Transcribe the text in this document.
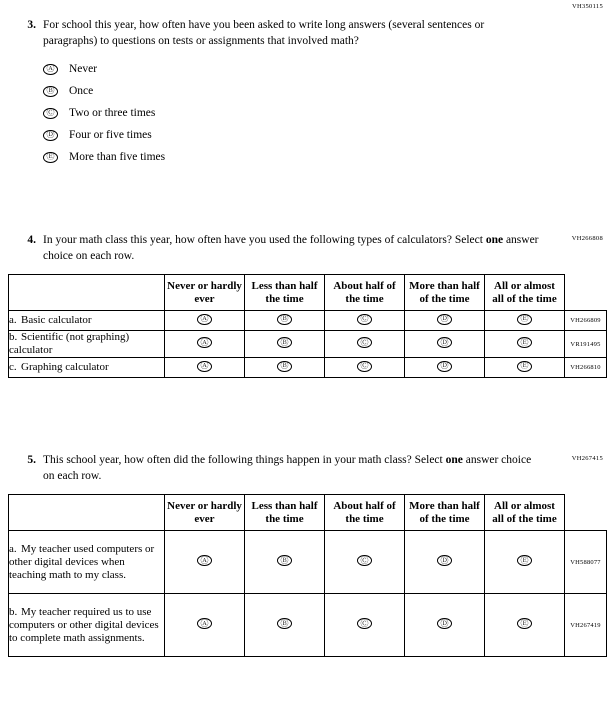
VH350115
3. For school this year, how often have you been asked to write long answers (several sentences or paragraphs) to questions on tests or assignments that involved math?
Ⓐ	Never
Ⓑ	Once
Ⓒ	Two or three times
Ⓓ	Four or five times
Ⓔ	More than five times
VH266808
4. In your math class this year, how often have you used the following types of calculators? Select one answer choice on each row.
	Never or hardly ever	Less than half the time	About half of the time	More than half of the time	All or almost all of the time	
a. Basic calculator	Ⓐ	Ⓑ	Ⓒ	Ⓓ	Ⓔ	VH266809
b. Scientific (not graphing) calculator	Ⓐ	Ⓑ	Ⓒ	Ⓓ	Ⓔ	VR191495
c. Graphing calculator	Ⓐ	Ⓑ	Ⓒ	Ⓓ	Ⓔ	VH266810
VH267415
5. This school year, how often did the following things happen in your math class? Select one answer choice on each row.
	Never or hardly ever	Less than half the time	About half of the time	More than half of the time	All or almost all of the time	
a. My teacher used computers or other digital devices when teaching math to my class.	Ⓐ	Ⓑ	Ⓒ	Ⓓ	Ⓔ	VH588077
b. My teacher required us to use computers or other digital devices to complete math assignments.	Ⓐ	Ⓑ	Ⓒ	Ⓓ	Ⓔ	VH267419
